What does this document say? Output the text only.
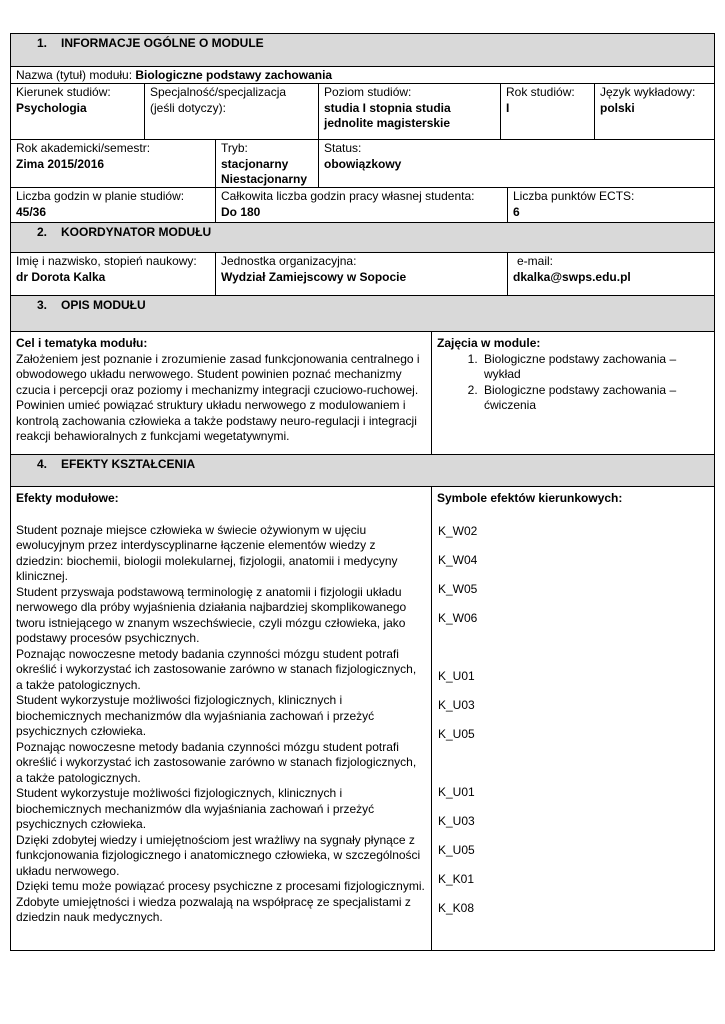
1. INFORMACJE OGÓLNE O MODULE
Nazwa (tytuł) modułu: Biologiczne podstawy zachowania
Kierunek studiów:
Psychologia
Specjalność/specjalizacja (jeśli dotyczy):
Poziom studiów:
studia I stopnia studia jednolite magisterskie
Rok studiów:
I
Język wykładowy:
polski
Rok akademicki/semestr:
Zima 2015/2016
Tryb:
stacjonarny
Niestacjonarny
Status:
obowiązkowy
Liczba godzin w planie studiów:
45/36
Całkowita liczba godzin pracy własnej studenta:
Do 180
Liczba punktów ECTS:
6
2. KOORDYNATOR MODUŁU
Imię i nazwisko, stopień naukowy:
dr Dorota Kalka
Jednostka organizacyjna:
Wydział Zamiejscowy w Sopocie
e-mail:
dkalka@swps.edu.pl
3. OPIS MODUŁU
Cel i tematyka modułu:
Założeniem jest poznanie i zrozumienie zasad funkcjonowania centralnego i obwodowego układu nerwowego. Student powinien poznać mechanizmy czucia i percepcji oraz poziomy i mechanizmy integracji czuciowo-ruchowej. Powinien umieć powiązać struktury układu nerwowego z modulowaniem i kontrolą zachowania człowieka a także podstawy neuro-regulacji i integracji reakcji behawioralnych z funkcjami wegetatywnymi.
Zajęcia w module:
1. Biologiczne podstawy zachowania – wykład
2. Biologiczne podstawy zachowania – ćwiczenia
4. EFEKTY KSZTAŁCENIA

Efekty modułowe:

Student poznaje miejsce człowieka w świecie ożywionym w ujęciu ewolucyjnym przez interdyscyplinarne łączenie elementów wiedzy z dziedzin: biochemii, biologii molekularnej, fizjologii, anatomii i medycyny klinicznej.

Student przyswaja podstawową terminologię z anatomii i fizjologii układu nerwowego dla próby wyjaśnienia działania najbardziej skomplikowanego tworu istniejącego w znanym wszechświecie, czyli mózgu człowieka, jako podstawy procesów psychicznych.

Poznając nowoczesne metody badania czynności mózgu student potrafi określić i wykorzystać ich zastosowanie zarówno w stanach fizjologicznych, a także patologicznych.

Student wykorzystuje możliwości fizjologicznych, klinicznych i biochemicznych mechanizmów dla wyjaśniania zachowań i przeżyć psychicznych człowieka.

Poznając nowoczesne metody badania czynności mózgu student potrafi określić i wykorzystać ich zastosowanie zarówno w stanach fizjologicznych, a także patologicznych.

Student wykorzystuje możliwości fizjologicznych, klinicznych i biochemicznych mechanizmów dla wyjaśniania zachowań i przeżyć psychicznych człowieka.

Dzięki zdobytej wiedzy i umiejętnościom jest wrażliwy na sygnały płynące z funkcjonowania fizjologicznego i anatomicznego człowieka, w szczególności układu nerwowego.

Dzięki temu może powiązać procesy psychiczne z procesami fizjologicznymi. Zdobyte umiejętności i wiedza pozwalają na współpracę ze specjalistami z dziedzin nauk medycznych.

Symbole efektów kierunkowych:
K_W02
K_W04
K_W05
K_W06
K_U01
K_U03
K_U05
K_U01
K_U03
K_U05
K_K01
K_K08
